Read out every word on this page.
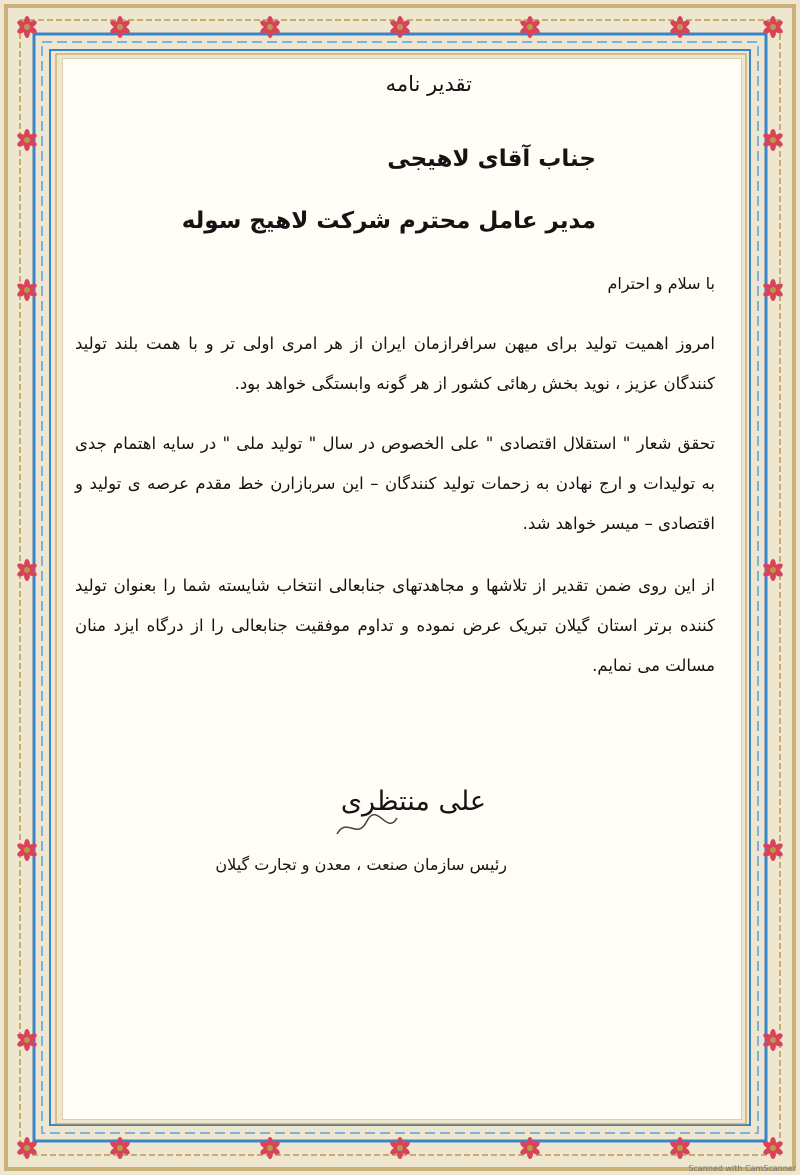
تقدیر نامه

جناب آقای لاهیجی

مدیر عامل محترم شرکت لاهیج سوله

با سلام و احترام

امروز اهمیت تولید برای میهن سرافرازمان ایران از هر امری اولی تر و با همت بلند تولید کنندگان عزیز ، نوید بخش رهائی کشور از هر گونه وابستگی خواهد بود.

تحقق شعار " استقلال اقتصادی " علی الخصوص در سال " تولید ملی " در سایه اهتمام جدی به تولیدات و ارج نهادن به زحمات تولید کنندگان – این سربازارن خط مقدم عرصه ی تولید و اقتصادی – میسر خواهد شد.

از این روی ضمن تقدیر از تلاشها و مجاهدتهای جنابعالی انتخاب شایسته شما را بعنوان تولید کننده برتر استان گیلان تبریک عرض نموده و تداوم موفقیت جنابعالی را از درگاه ایزد منان مسالت می نمایم.

علی منتظری

رئیس سازمان صنعت ، معدن و تجارت گیلان

Scanned with CamScanner
